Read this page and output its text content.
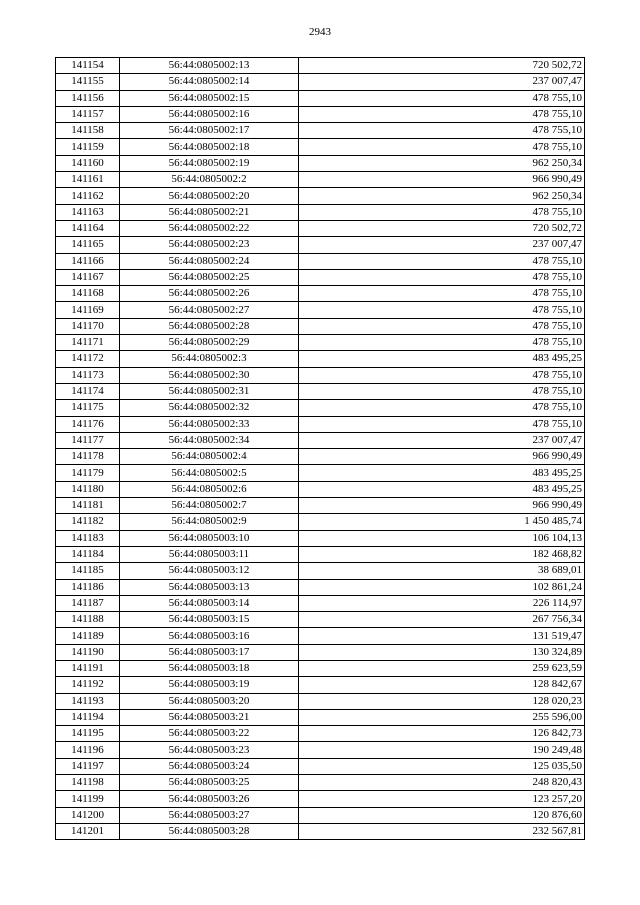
2943
141154	56:44:0805002:13	720 502,72
141155	56:44:0805002:14	237 007,47
141156	56:44:0805002:15	478 755,10
141157	56:44:0805002:16	478 755,10
141158	56:44:0805002:17	478 755,10
141159	56:44:0805002:18	478 755,10
141160	56:44:0805002:19	962 250,34
141161	56:44:0805002:2	966 990,49
141162	56:44:0805002:20	962 250,34
141163	56:44:0805002:21	478 755,10
141164	56:44:0805002:22	720 502,72
141165	56:44:0805002:23	237 007,47
141166	56:44:0805002:24	478 755,10
141167	56:44:0805002:25	478 755,10
141168	56:44:0805002:26	478 755,10
141169	56:44:0805002:27	478 755,10
141170	56:44:0805002:28	478 755,10
141171	56:44:0805002:29	478 755,10
141172	56:44:0805002:3	483 495,25
141173	56:44:0805002:30	478 755,10
141174	56:44:0805002:31	478 755,10
141175	56:44:0805002:32	478 755,10
141176	56:44:0805002:33	478 755,10
141177	56:44:0805002:34	237 007,47
141178	56:44:0805002:4	966 990,49
141179	56:44:0805002:5	483 495,25
141180	56:44:0805002:6	483 495,25
141181	56:44:0805002:7	966 990,49
141182	56:44:0805002:9	1 450 485,74
141183	56:44:0805003:10	106 104,13
141184	56:44:0805003:11	182 468,82
141185	56:44:0805003:12	38 689,01
141186	56:44:0805003:13	102 861,24
141187	56:44:0805003:14	226 114,97
141188	56:44:0805003:15	267 756,34
141189	56:44:0805003:16	131 519,47
141190	56:44:0805003:17	130 324,89
141191	56:44:0805003:18	259 623,59
141192	56:44:0805003:19	128 842,67
141193	56:44:0805003:20	128 020,23
141194	56:44:0805003:21	255 596,00
141195	56:44:0805003:22	126 842,73
141196	56:44:0805003:23	190 249,48
141197	56:44:0805003:24	125 035,50
141198	56:44:0805003:25	248 820,43
141199	56:44:0805003:26	123 257,20
141200	56:44:0805003:27	120 876,60
141201	56:44:0805003:28	232 567,81
